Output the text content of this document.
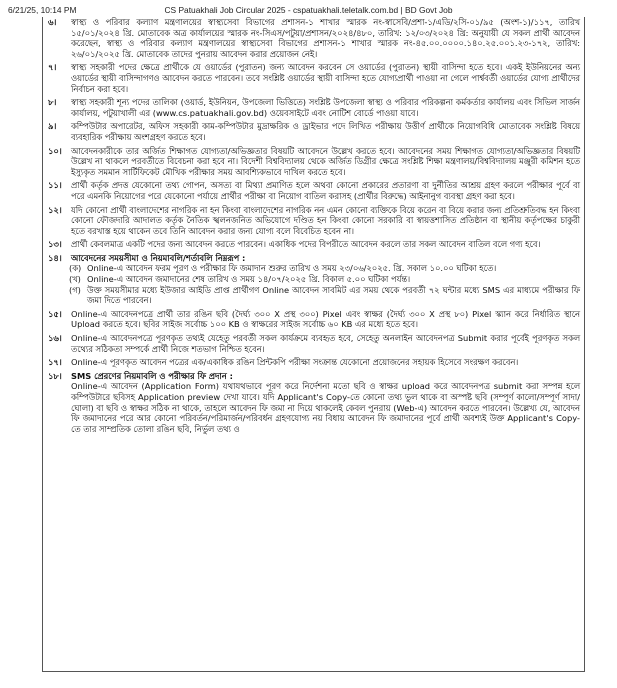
6/21/25, 10:14 PM	CS Patuakhali Job Circular 2025 - cspatuakhali.teletalk.com.bd | BD Govt Job
৬। স্বাস্থ্য ও পরিবার কল্যাণ মন্ত্রণালয়ের স্বাস্থ্যসেবা বিভাগের প্রশাসন-১ শাখার স্মারক নং-স্বাসেবি/প্রশা-১/এডি/২সি-০১/৯৫ (অংশ-১)/১১৭, তারিখ ১৫/০১/২০২৪ খ্রি. মোতাবেক অত্র কার্যালয়ের স্মারক নং-সিএস/পটুয়া/প্রশাসন/২০২৪/৪৮০, তারিখ: ১২/০৩/২০২৪ খ্রি: অনুযায়ী যে সকল প্রার্থী আবেদন করেছেন, স্বাস্থ্য ও পরিবার কল্যাণ মন্ত্রণালয়ের স্বাস্থ্যসেবা বিভাগের প্রশাসন-১ শাখার স্মারক নং-৪৫.০০.০০০০.১৪০.২৫.০০১.২৩-১৭২, তারিখ: ২৬/০১/২০২৫ খ্রি. মোতাবেক তাদের পুনরায় আবেদন করার প্রয়োজন নেই।
৭। স্বাস্থ্য সহকারী পদের ক্ষেত্রে প্রার্থীকে যে ওয়ার্ডের (পুরাতন) জন্য আবেদন করবেন সে ওয়ার্ডের (পুরাতন) স্থায়ী বাসিন্দা হতে হবে। একই ইউনিয়নের অন্য ওয়ার্ডের স্থায়ী বাসিন্দাগণও আবেদন করতে পারবেন। তবে সংশ্লিষ্ট ওয়ার্ডের স্থায়ী বাসিন্দা হতে যোগ্যপ্রার্থী পাওয়া না গেলে পার্শ্ববর্তী ওয়ার্ডের যোগ্য প্রার্থীদের নির্বাচন করা হবে।
৮। স্বাস্থ্য সহকারী শূন্য পদের তালিকা (ওয়ার্ড, ইউনিয়ন, উপজেলা ভিত্তিতে) সংশ্লিষ্ট উপজেলা স্বাস্থ্য ও পরিবার পরিকল্পনা কর্মকর্তার কার্যালয় এবং সিভিল সার্জন কার্যালয়, পটুয়াখালী এর (www.cs.patuakhali.gov.bd) ওয়েবসাইটে এবং নোটিশ বোর্ডে পাওয়া যাবে।
৯। কম্পিউটার অপারেটর, অফিস সহকারী কাম-কম্পিউটার মুদ্রাক্ষরিক ও ড্রাইভার পদে লিখিত পরীক্ষায় উত্তীর্ণ প্রার্থীকে নিয়োগবিধি মোতাবেক সংশ্লিষ্ট বিষয়ে ব্যবহারিক পরীক্ষায় অংশগ্রহণ করতে হবে।
১০। আবেদনকারীকে তার অর্জিত শিক্ষাগত যোগ্যতা/অভিজ্ঞতার বিষয়টি আবেদনে উল্লেখ করতে হবে। আবেদনের সময় শিক্ষাগত যোগ্যতা/অভিজ্ঞতার বিষয়টি উল্লেখ না থাকলে পরবর্তীতে বিবেচনা করা হবে না। বিদেশী বিশ্ববিদ্যালয় থেকে অর্জিত ডিগ্রীর ক্ষেত্রে সংশ্লিষ্ট শিক্ষা মন্ত্রণালয়/বিশ্ববিদ্যালয় মঞ্জুরী কমিশন হতে ইস্যুকৃত সমমান সার্টিফিকেট মৌখিক পরীক্ষার সময় আবশ্যিকভাবে দাখিল করতে হবে।
১১। প্রার্থী কর্তৃক প্রদত্ত যেকোনো তথ্য গোপন, অসত্য বা মিথ্যা প্রমাণিত হলে অথবা কোনো প্রকারের প্রতারণা বা দুর্নীতির আশ্রয় গ্রহণ করলে পরীক্ষার পূর্বে বা পরে এমনকি নিয়োগের পরে যেকোনো পর্যায়ে প্রার্থীর পরীক্ষা বা নিয়োগ বাতিল করাসহ (প্রার্থীর বিরুদ্ধে) আইনানুগ ব্যবস্থা গ্রহণ করা হবে।
১২। যদি কোনো প্রার্থী বাংলাদেশের নাগরিক না হন কিংবা বাংলাদেশের নাগরিক নন এমন কোনো ব্যক্তিকে বিয়ে করেন বা বিয়ে করার জন্য প্রতিশ্রুতিবদ্ধ হন কিংবা কোনো ফৌজদারি আদালত কর্তৃক নৈতিক স্খলনজনিত অভিযোগে দণ্ডিত হন কিংবা কোনো সরকারি বা স্বায়ত্তশাসিত প্রতিষ্ঠান বা স্থানীয় কর্তৃপক্ষের চাকুরী হতে বরখাস্ত হয়ে থাকেন তবে তিনি আবেদন করার জন্য যোগ্য বলে বিবেচিত হবেন না।
১৩। প্রার্থী কেবলমাত্র একটি পদের জন্য আবেদন করতে পারবেন। একাধিক পদের বিপরীতে আবেদন করলে তার সকল আবেদন বাতিল বলে গণ্য হবে।
১৪। আবেদনের সময়সীমা ও নিয়মাবলি/শর্তাবলি নিম্নরূপ :
(ক) Online-এ আবেদন ফরম পূরণ ও পরীক্ষার ফি জমাদান শুরুর তারিখ ও সময় ২৩/০৬/২০২৫. খ্রি. সকাল ১০.০০ ঘটিকা হতে।
(খ) Online-এ আবেদন জমাদানের শেষ তারিখ ও সময় ১৪/০৭/২০২৫ খ্রি. বিকাল ৫.০০ ঘটিকা পর্যন্ত।
(গ) উক্ত সময়সীমার মধ্যে ইউজার আইডি প্রাপ্ত প্রার্থীগণ Online আবেদন সাবমিট এর সময় থেকে পরবর্তী ৭২ ঘন্টার মধ্যে SMS এর মাধ্যমে পরীক্ষার ফি জমা দিতে পারবেন।
১৫। Online-এ আবেদনপত্রে প্রার্থী তার রঙিন ছবি (দৈর্ঘ্য ৩০০ X প্রস্থ ৩০০) Pixel এবং স্বাক্ষর (দৈর্ঘ্য ৩০০ X প্রস্থ ৮০) Pixel স্ক্যান করে নির্ধারিত স্থানে Upload করতে হবে। ছবির সাইজ সর্বোচ্চ ১০০ KB ও স্বাক্ষরের সাইজ সর্বোচ্চ ৬০ KB এর মধ্যে হতে হবে।
১৬। Online-এ আবেদনপত্রে পূরণকৃত তথ্যই যেহেতু পরবর্তী সকল কার্যক্রমে ব্যবহৃত হবে, সেহেতু অনলাইন আবেদনপত্র Submit করার পূর্বেই পূরণকৃত সকল তথ্যের সঠিকতা সম্পর্কে প্রার্থী নিজে শতভাগ নিশ্চিত হবেন।
১৭। Online-এ পূরণকৃত আবেদন পত্রের এক/একাধিক রঙিন প্রিন্টকপি পরীক্ষা সংক্রান্ত যেকোনো প্রয়োজনের সহায়ক হিসেবে সংরক্ষণ করবেন।
১৮। SMS প্রেরণের নিয়মাবলি ও পরীক্ষার ফি প্রদান :
Online-এ আবেদন (Application Form) যথাযথভাবে পূরণ করে নির্দেশনা মতো ছবি ও স্বাক্ষর upload করে আবেদনপত্র submit করা সম্পন্ন হলে কম্পিউটারে ছবিসহ Application preview দেখা যাবে। যদি Applicant's Copy-তে কোনো তথ্য ভুল থাকে বা অস্পষ্ট ছবি (সম্পূর্ণ কালো/সম্পূর্ণ সাদা/ঘোলা) বা ছবি ও স্বাক্ষর সঠিক না থাকে, তাহলে আবেদন ফি জমা না দিয়ে থাকলেই কেবল পুনরায় (Web-এ) আবেদন করতে পারবেন। উল্লেখ্য যে, আবেদন ফি জমাদানের পরে আর কোনো পরিবর্তন/পরিমার্জন/পরিবর্ধন গ্রহণযোগ্য নয় বিধায় আবেদন ফি জমাদানের পূর্বে প্রার্থী অবশ্যই উক্ত Applicant's Copy-তে তার সাম্প্রতিক তোলা রঙিন ছবি, নির্ভুল তথ্য ও
